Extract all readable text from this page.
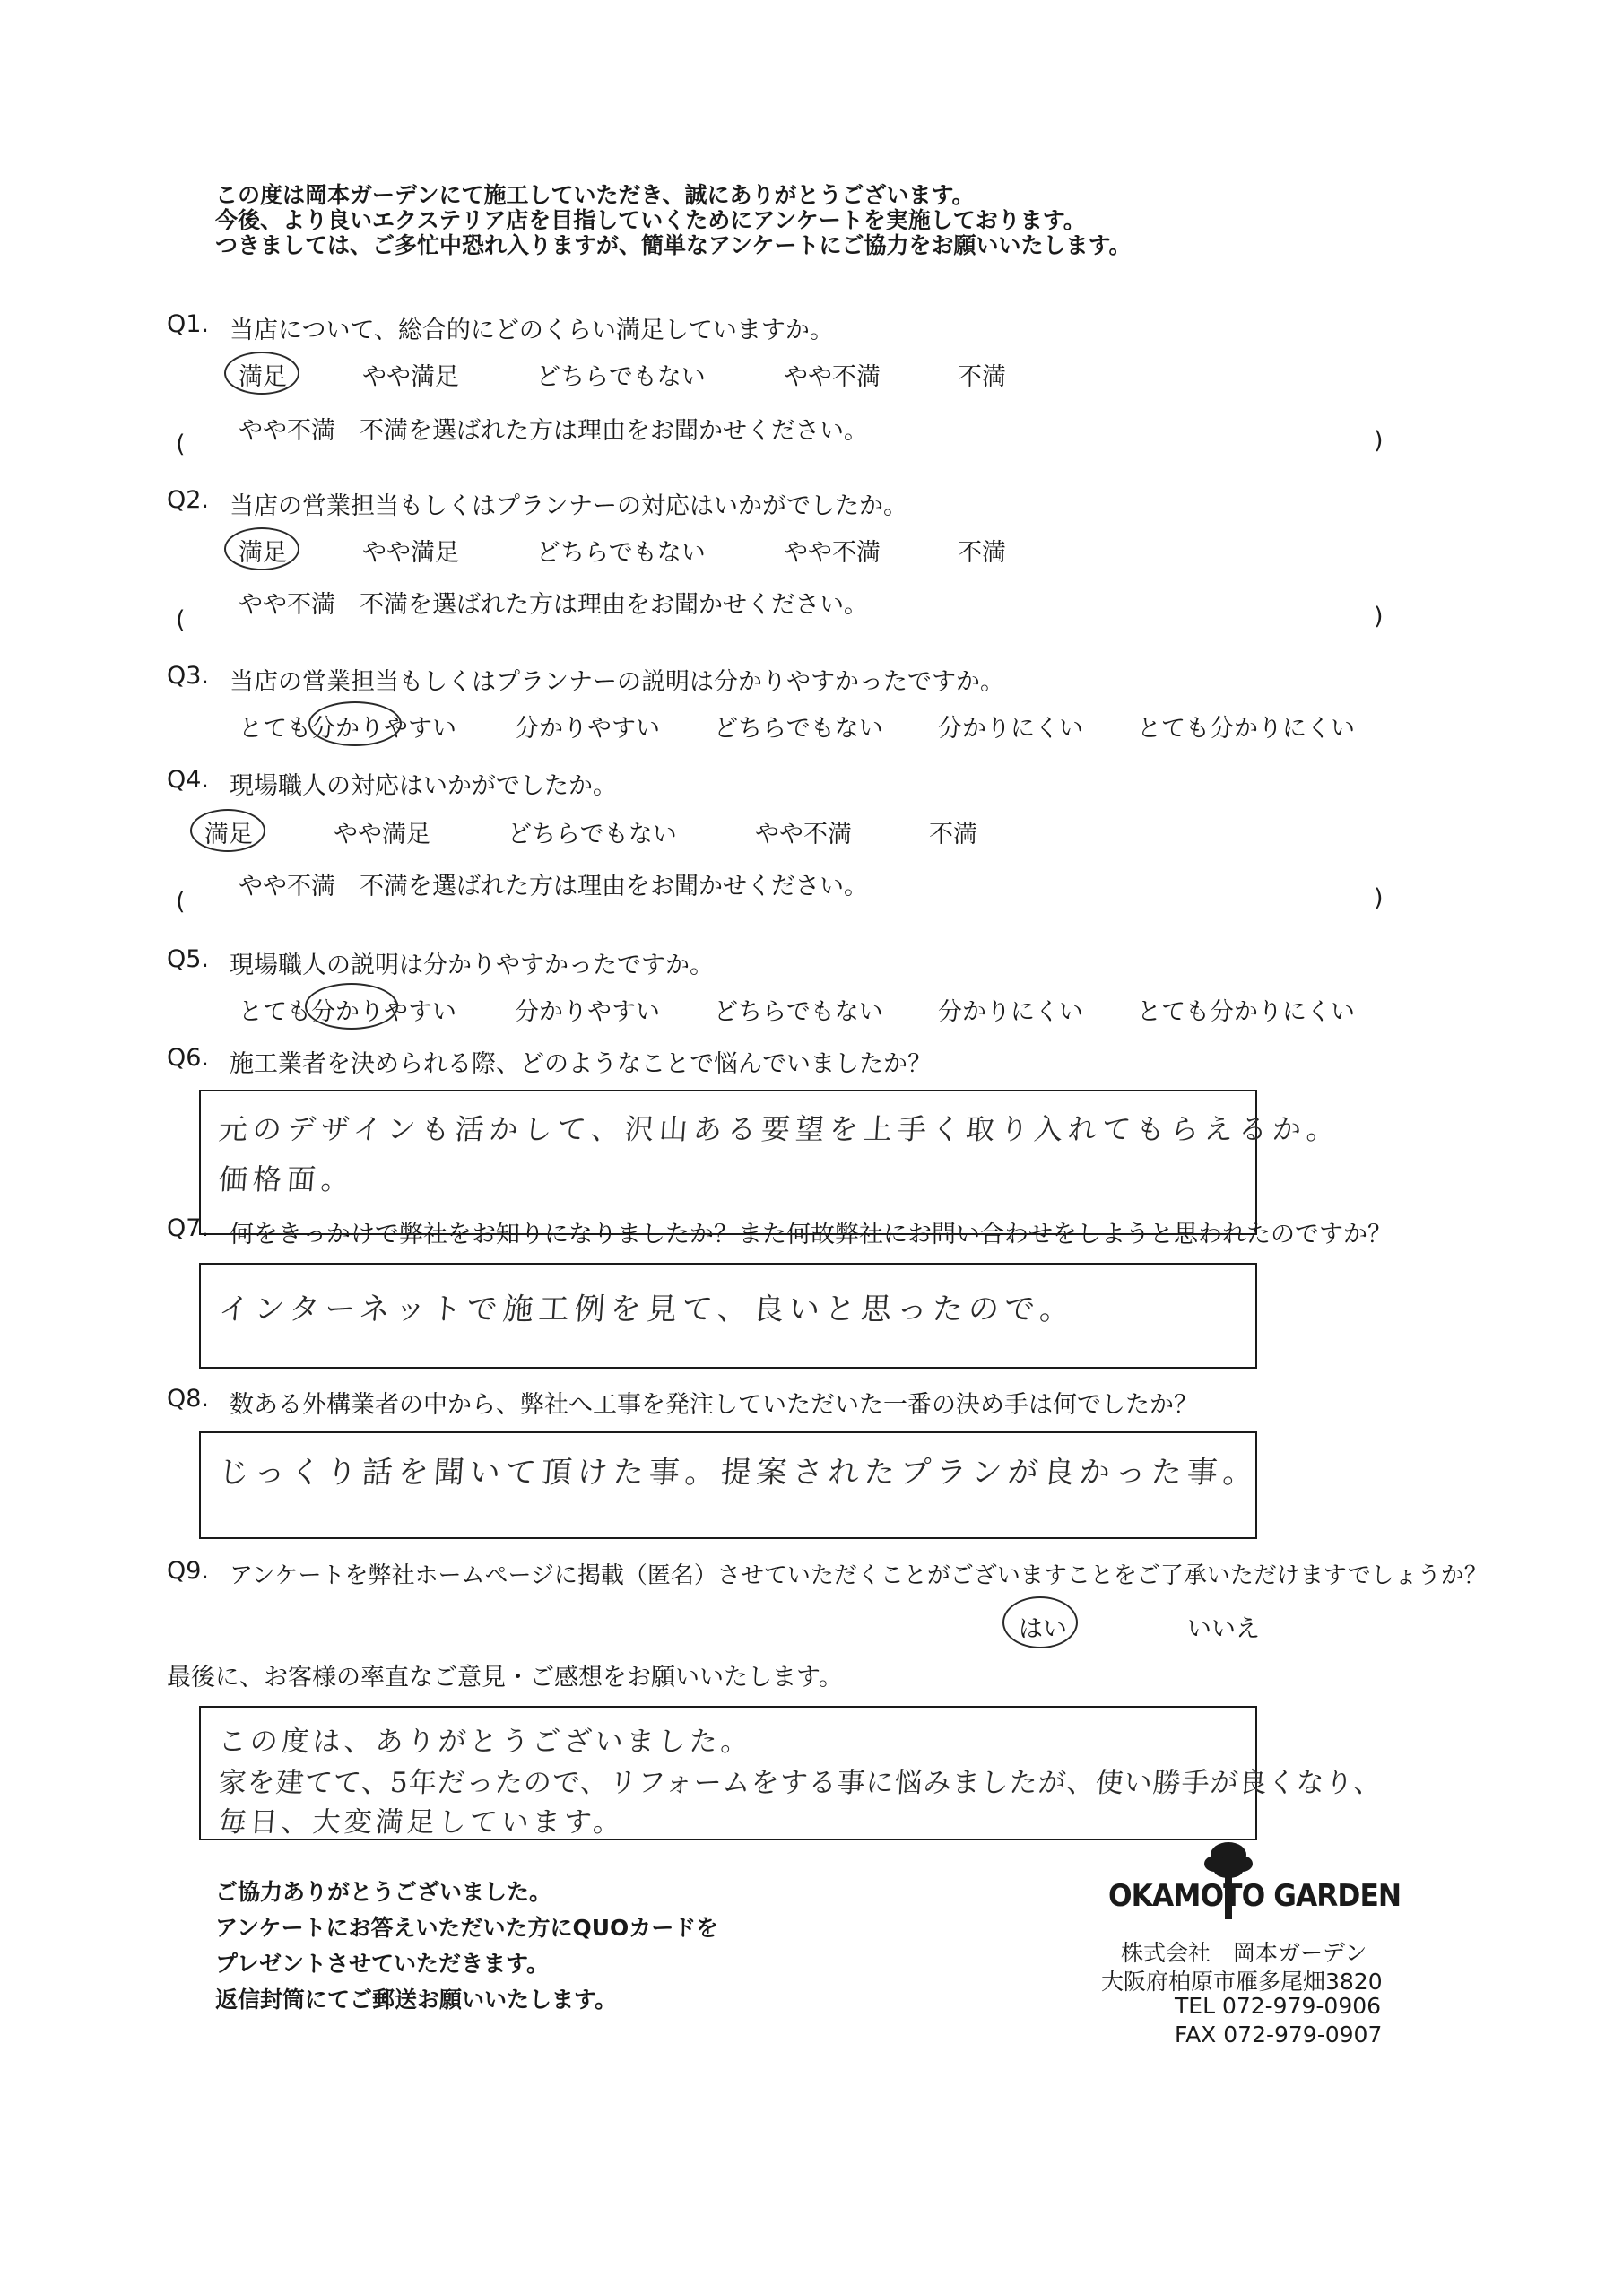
この度は岡本ガーデンにて施工していただき、誠にありがとうございます。
今後、より良いエクステリア店を目指していくためにアンケートを実施しております。
つきましては、ご多忙中恐れ入りますが、簡単なアンケートにご協力をお願いいたします。
Q1. 当店について、総合的にどのくらい満足していますか。
満足	やや満足	どちらでもない	やや不満	不満
やや不満　不満を選ばれた方は理由をお聞かせください。
(	)
Q2. 当店の営業担当もしくはプランナーの対応はいかがでしたか。
満足	やや満足	どちらでもない	やや不満	不満
やや不満　不満を選ばれた方は理由をお聞かせください。
(	)
Q3. 当店の営業担当もしくはプランナーの説明は分かりやすかったですか。
とても分かりやすい 分かりやすい どちらでもない 分かりにくい とても分かりにくい
Q4. 現場職人の対応はいかがでしたか。
満足	やや満足	どちらでもない	やや不満	不満
やや不満　不満を選ばれた方は理由をお聞かせください。
(	)
Q5. 現場職人の説明は分かりやすかったですか。
とても分かりやすい 分かりやすい どちらでもない 分かりにくい とても分かりにくい
Q6. 施工業者を決められる際、どのようなことで悩んでいましたか？
元のデザインも活かして、沢山ある要望を上手く取り入れてもらえるか。
価格面。
Q7. 何をきっかけで弊社をお知りになりましたか？また何故弊社にお問い合わせをしようと思われたのですか？
インターネットで施工例を見て、良いと思ったので。
Q8. 数ある外構業者の中から、弊社へ工事を発注していただいた一番の決め手は何でしたか？
じっくり話を聞いて頂けた事。提案されたプランが良かった事。
Q9. アンケートを弊社ホームページに掲載（匿名）させていただくことがございますことをご了承いただけますでしょうか？
はい	いいえ
最後に、お客様の率直なご意見・ご感想をお願いいたします。
この度は、ありがとうございました。
家を建てて、5年だったので、リフォームをする事に悩みましたが、使い勝手が良くなり、
毎日、大変満足しています。
ご協力ありがとうございました。
アンケートにお答えいただいた方にQUOカードを
プレゼントさせていただきます。
返信封筒にてご郵送お願いいたします。
OKAMOTO GARDEN
株式会社　岡本ガーデン
大阪府柏原市雁多尾畑3820
TEL 072-979-0906
FAX 072-979-0907
